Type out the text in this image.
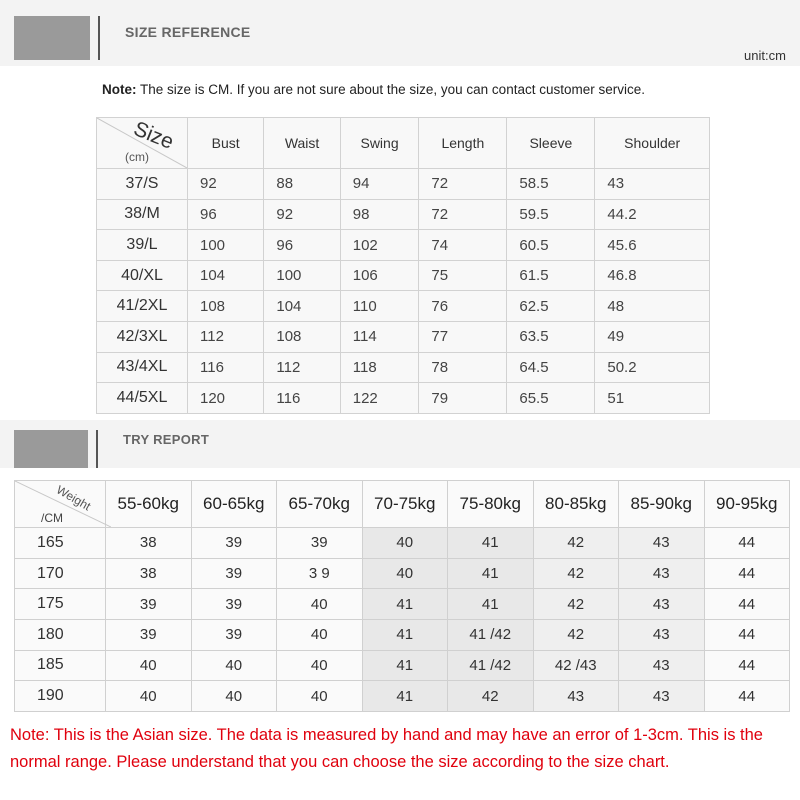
SIZE REFERENCE
unit:cm
Note: The size is CM. If you are not sure about the size, you can contact customer service.
Size
(cm)	Bust	Waist	Swing	Length	Sleeve	Shoulder
37/S	92	88	94	72	58.5	43
38/M	96	92	98	72	59.5	44.2
39/L	100	96	102	74	60.5	45.6
40/XL	104	100	106	75	61.5	46.8
41/2XL	108	104	110	76	62.5	48
42/3XL	112	108	114	77	63.5	49
43/4XL	116	112	118	78	64.5	50.2
44/5XL	120	116	122	79	65.5	51
TRY REPORT
Weight
/CM	55-60kg	60-65kg	65-70kg	70-75kg	75-80kg	80-85kg	85-90kg	90-95kg
165	38	39	39	40	41	42	43	44
170	38	39	3 9	40	41	42	43	44
175	39	39	40	41	41	42	43	44
180	39	39	40	41	41 /42	42	43	44
185	40	40	40	41	41 /42	42 /43	43	44
190	40	40	40	41	42	43	43	44
Note: This is the Asian size. The data is measured by hand and may have an error of 1-3cm. This is the normal range. Please understand that you can choose the size according to the size chart.
